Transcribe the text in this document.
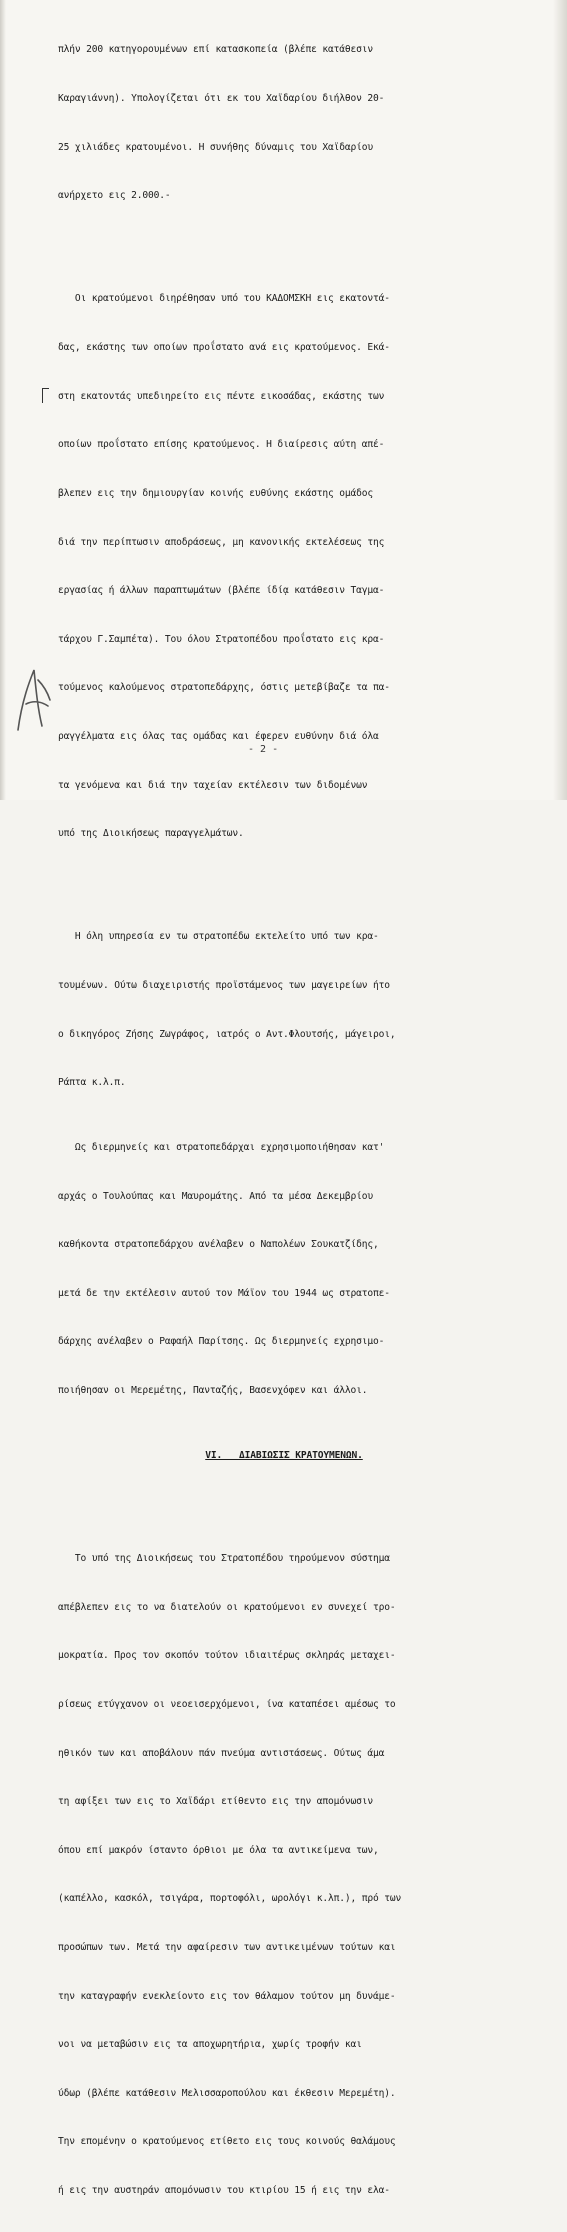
πλήν 200 κατηγορουμένων επί κατασκοπεία (βλέπε κατάθεσιν

Καραγιάννη). Υπολογίζεται ότι εκ του Χαϊδαρίου διήλθον 20-

25 χιλιάδες κρατουμένοι. Η συνήθης δύναμις του Χαϊδαρίου

ανήρχετο εις 2.000.-

Οι κρατούμενοι διηρέθησαν υπό του ΚΑΔΟΜΣΚΗ εις εκατοντά-

δας, εκάστης των οποίων προΐστατο ανά εις κρατούμενος. Εκά-

στη εκατοντάς υπεδιηρείτο εις πέντε εικοσάδας, εκάστης των

οποίων προΐστατο επίσης κρατούμενος. Η διαίρεσις αύτη απέ-

βλεπεν εις την δημιουργίαν κοινής ευθύνης εκάστης ομάδος

διά την περίπτωσιν αποδράσεως, μη κανονικής εκτελέσεως της

εργασίας ή άλλων παραπτωμάτων (βλέπε ίδίᾳ κατάθεσιν Ταγμα-

τάρχου Γ.Σαμπέτα). Του όλου Στρατοπέδου προΐστατο εις κρα-

τούμενος καλούμενος στρατοπεδάρχης, όστις μετεβίβαζε τα πα-

ραγγέλματα εις όλας τας ομάδας και έφερεν ευθύνην διά όλα

τα γενόμενα και διά την ταχείαν εκτέλεσιν των διδομένων

υπό της Διοικήσεως παραγγελμάτων.

Η όλη υπηρεσία εν τω στρατοπέδω εκτελείτο υπό των κρα-

τουμένων. Ούτω διαχειριστής προϊστάμενος των μαγειρείων ήτο

ο δικηγόρος Ζήσης Ζωγράφος, ιατρός ο Αντ.Φλουτσής, μάγειροι,

Ράπτα κ.λ.π.

Ως διερμηνείς και στρατοπεδάρχαι εχρησιμοποιήθησαν κατ'

αρχάς ο Τουλούπας και Μαυρομάτης. Από τα μέσα Δεκεμβρίου

καθήκοντα στρατοπεδάρχου ανέλαβεν ο Ναπολέων Σουκατζίδης,

μετά δε την εκτέλεσιν αυτού τον Μάϊον του 1944 ως στρατοπε-

δάρχης ανέλαβεν ο Ραφαήλ Παρίτσης. Ως διερμηνείς εχρησιμο-

ποιήθησαν οι Μερεμέτης, Πανταζής, Βασενχόφεν και άλλοι.

VI.   ΔΙΑΒΙΩΣΙΣ ΚΡΑΤΟΥΜΕΝΩΝ.

Το υπό της Διοικήσεως του Στρατοπέδου τηρούμενον σύστημα

απέβλεπεν εις το να διατελούν οι κρατούμενοι εν συνεχεί τρο-

μοκρατία. Προς τον σκοπόν τούτον ιδιαιτέρως σκληράς μεταχει-

ρίσεως ετύγχανον οι νεοεισερχόμενοι, ίνα καταπέσει αμέσως το

ηθικόν των και αποβάλουν πάν πνεύμα αντιστάσεως. Ούτως άμα

τη αφίξει των εις το Χαϊδάρι ετίθεντο εις την απομόνωσιν

όπου επί μακρόν ίσταντο όρθιοι με όλα τα αντικείμενα των,

(καπέλλο, κασκόλ, τσιγάρα, πορτοφόλι, ωρολόγι κ.λπ.), πρό των

προσώπων των. Μετά την αφαίρεσιν των αντικειμένων τούτων και

την καταγραφήν ενεκλείοντο εις τον θάλαμον τούτον μη δυνάμε-

νοι να μεταβώσιν εις τα αποχωρητήρια, χωρίς τροφήν και

ύδωρ (βλέπε κατάθεσιν Μελισσαροπούλου και έκθεσιν Μερεμέτη).

Την επομένην ο κρατούμενος ετίθετο εις τους κοινούς θαλάμους

ή εις την αυστηράν απομόνωσιν του κτιρίου 15 ή εις την ελα-

- 2 -
